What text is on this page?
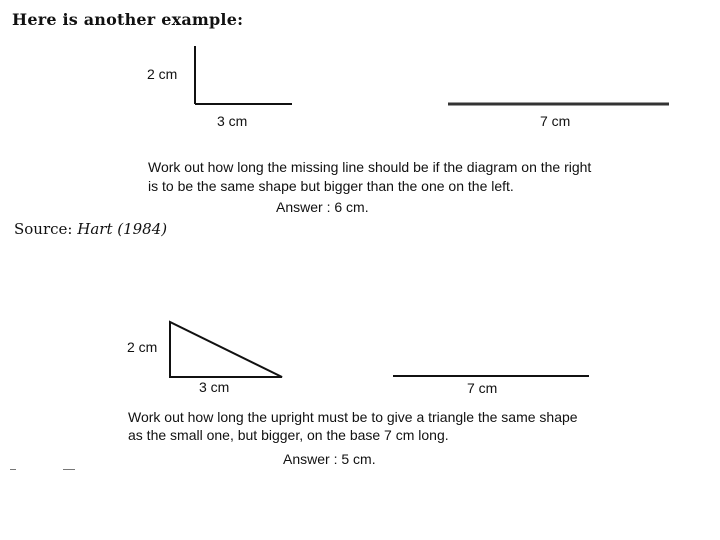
Here is another example:
2 cm
3 cm	7 cm
Work out how long the missing line should be if the diagram on the right
is to be the same shape but bigger than the one on the left.
Answer : 6 cm.
Source: Hart (1984)
2 cm
3 cm	7 cm
Work out how long the upright must be to give a triangle the same shape
as the small one, but bigger, on the base 7 cm long.
Answer : 5 cm.
